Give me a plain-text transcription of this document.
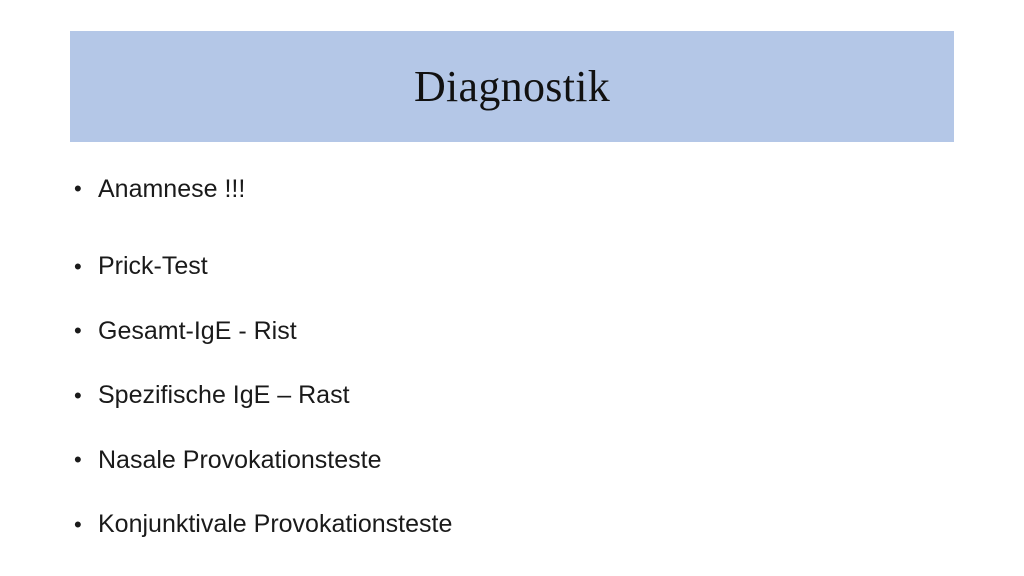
Diagnostik
• Anamnese !!!
• Prick-Test
• Gesamt-IgE - Rist
• Spezifische IgE – Rast
• Nasale Provokationsteste
• Konjunktivale Provokationsteste
